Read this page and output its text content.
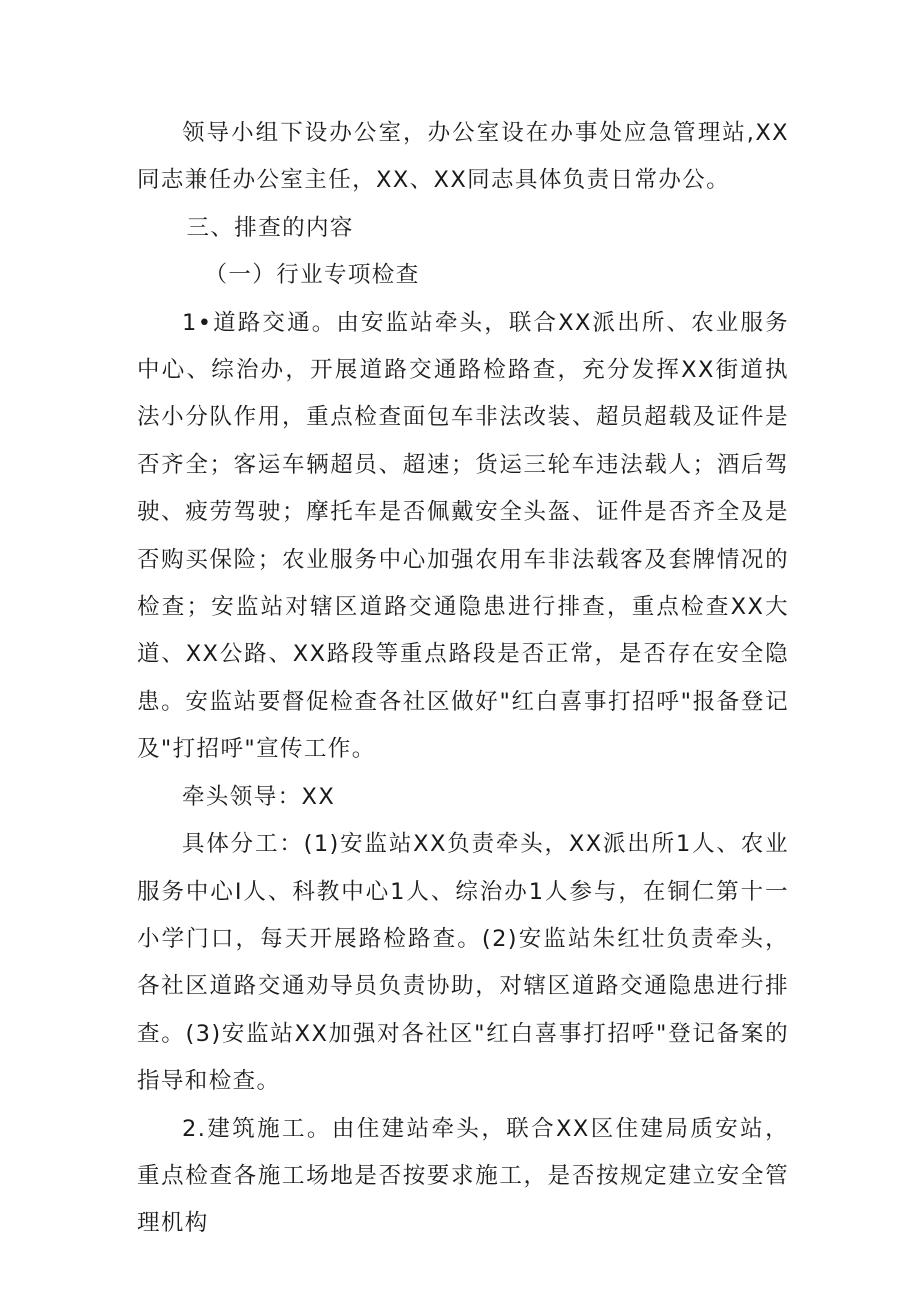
领导小组下设办公室，办公室设在办事处应急管理站,XX同志兼任办公室主任，XX、XX同志具体负责日常办公。

三、排查的内容

（一）行业专项检查

1•道路交通。由安监站牵头，联合XX派出所、农业服务中心、综治办，开展道路交通路检路查，充分发挥XX街道执法小分队作用，重点检查面包车非法改装、超员超载及证件是否齐全；客运车辆超员、超速；货运三轮车违法载人；酒后驾驶、疲劳驾驶；摩托车是否佩戴安全头盔、证件是否齐全及是否购买保险；农业服务中心加强农用车非法载客及套牌情况的检查；安监站对辖区道路交通隐患进行排查，重点检查XX大道、XX公路、XX路段等重点路段是否正常，是否存在安全隐患。安监站要督促检查各社区做好"红白喜事打招呼"报备登记及"打招呼"宣传工作。

牵头领导：XX

具体分工：(1)安监站XX负责牵头，XX派出所1人、农业服务中心I人、科教中心1人、综治办1人参与，在铜仁第十一小学门口，每天开展路检路查。(2)安监站朱红壮负责牵头，各社区道路交通劝导员负责协助，对辖区道路交通隐患进行排查。(3)安监站XX加强对各社区"红白喜事打招呼"登记备案的指导和检查。

2.建筑施工。由住建站牵头，联合XX区住建局质安站，重点检查各施工场地是否按要求施工，是否按规定建立安全管理机构
